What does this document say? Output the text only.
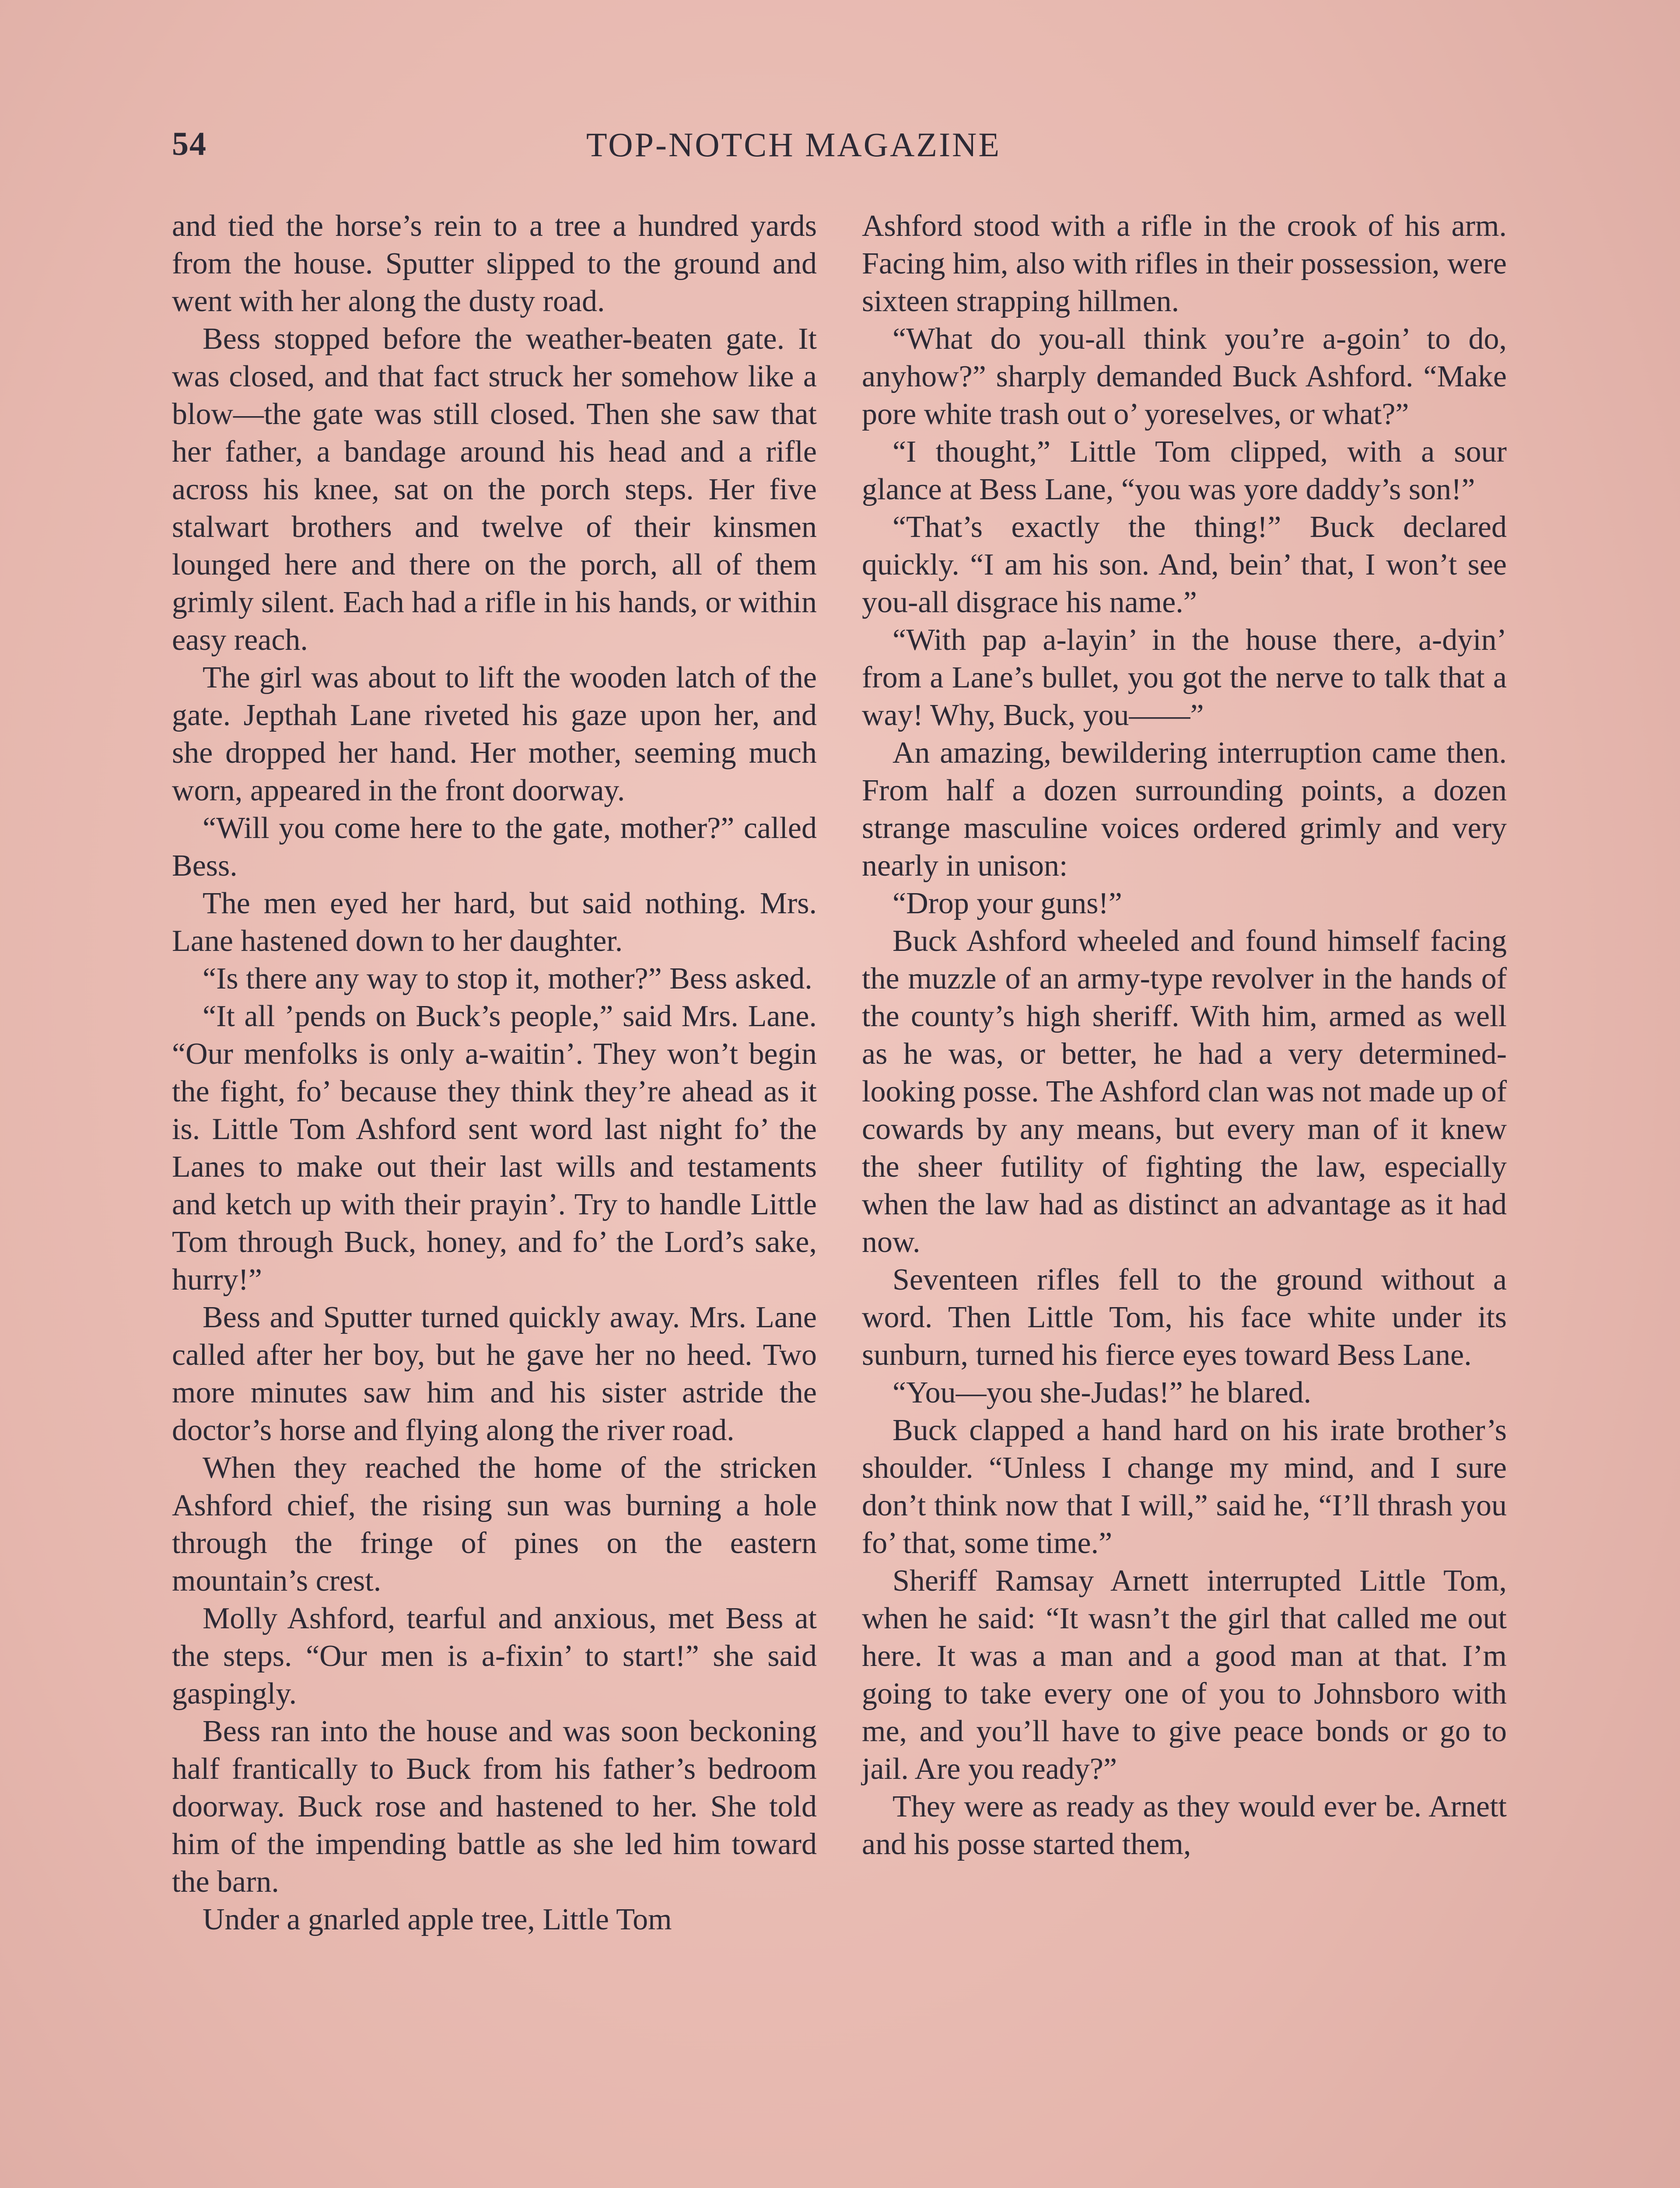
54	TOP-NOTCH MAGAZINE

and tied the horse’s rein to a tree a hundred yards from the house. Sputter slipped to the ground and went with her along the dusty road.

Bess stopped before the weather-beaten gate. It was closed, and that fact struck her somehow like a blow—the gate was still closed. Then she saw that her father, a bandage around his head and a rifle across his knee, sat on the porch steps. Her five stalwart brothers and twelve of their kinsmen lounged here and there on the porch, all of them grimly silent. Each had a rifle in his hands, or within easy reach.

The girl was about to lift the wooden latch of the gate. Jepthah Lane riveted his gaze upon her, and she dropped her hand. Her mother, seeming much worn, appeared in the front doorway.

“Will you come here to the gate, mother?” called Bess.

The men eyed her hard, but said nothing. Mrs. Lane hastened down to her daughter.

“Is there any way to stop it, mother?” Bess asked.

“It all ’pends on Buck’s people,” said Mrs. Lane. “Our menfolks is only a-waitin’. They won’t begin the fight, fo’ because they think they’re ahead as it is. Little Tom Ashford sent word last night fo’ the Lanes to make out their last wills and testaments and ketch up with their prayin’. Try to handle Little Tom through Buck, honey, and fo’ the Lord’s sake, hurry!”

Bess and Sputter turned quickly away. Mrs. Lane called after her boy, but he gave her no heed. Two more minutes saw him and his sister astride the doctor’s horse and flying along the river road.

When they reached the home of the stricken Ashford chief, the rising sun was burning a hole through the fringe of pines on the eastern mountain’s crest.

Molly Ashford, tearful and anxious, met Bess at the steps. “Our men is a-fixin’ to start!” she said gaspingly.

Bess ran into the house and was soon beckoning half frantically to Buck from his father’s bedroom doorway. Buck rose and hastened to her. She told him of the impending battle as she led him toward the barn.

Under a gnarled apple tree, Little Tom

Ashford stood with a rifle in the crook of his arm. Facing him, also with rifles in their possession, were sixteen strapping hillmen.

“What do you-all think you’re a-goin’ to do, anyhow?” sharply demanded Buck Ashford. “Make pore white trash out o’ yoreselves, or what?”

“I thought,” Little Tom clipped, with a sour glance at Bess Lane, “you was yore daddy’s son!”

“That’s exactly the thing!” Buck declared quickly. “I am his son. And, bein’ that, I won’t see you-all disgrace his name.”

“With pap a-layin’ in the house there, a-dyin’ from a Lane’s bullet, you got the nerve to talk that a way! Why, Buck, you——”

An amazing, bewildering interruption came then. From half a dozen surrounding points, a dozen strange masculine voices ordered grimly and very nearly in unison:

“Drop your guns!”

Buck Ashford wheeled and found himself facing the muzzle of an army-type revolver in the hands of the county’s high sheriff. With him, armed as well as he was, or better, he had a very determined-looking posse. The Ashford clan was not made up of cowards by any means, but every man of it knew the sheer futility of fighting the law, especially when the law had as distinct an advantage as it had now.

Seventeen rifles fell to the ground without a word. Then Little Tom, his face white under its sunburn, turned his fierce eyes toward Bess Lane.

“You—you she-Judas!” he blared.

Buck clapped a hand hard on his irate brother’s shoulder. “Unless I change my mind, and I sure don’t think now that I will,” said he, “I’ll thrash you fo’ that, some time.”

Sheriff Ramsay Arnett interrupted Little Tom, when he said: “It wasn’t the girl that called me out here. It was a man and a good man at that. I’m going to take every one of you to Johnsboro with me, and you’ll have to give peace bonds or go to jail. Are you ready?”

They were as ready as they would ever be. Arnett and his posse started them,
